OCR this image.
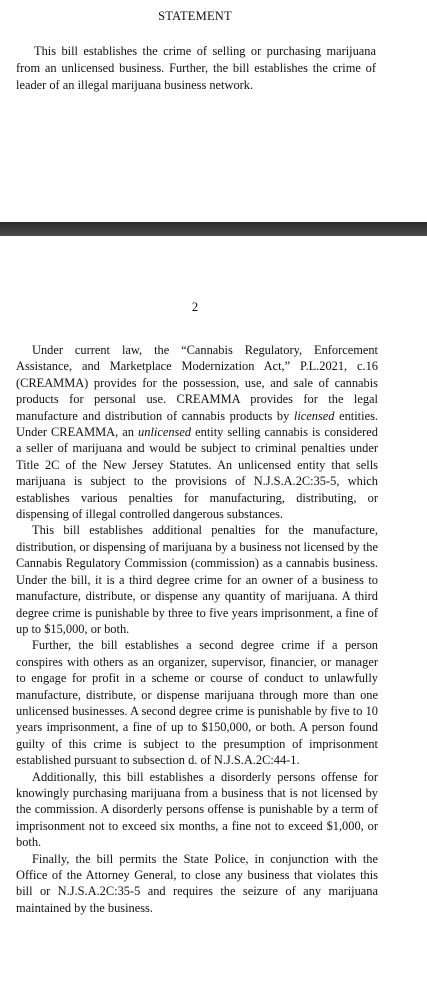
STATEMENT

This bill establishes the crime of selling or purchasing marijuana from an unlicensed business. Further, the bill establishes the crime of leader of an illegal marijuana business network.

2

Under current law, the “Cannabis Regulatory, Enforcement Assistance, and Marketplace Modernization Act,” P.L.2021, c.16 (CREAMMA) provides for the possession, use, and sale of cannabis products for personal use. CREAMMA provides for the legal manufacture and distribution of cannabis products by licensed entities. Under CREAMMA, an unlicensed entity selling cannabis is considered a seller of marijuana and would be subject to criminal penalties under Title 2C of the New Jersey Statutes. An unlicensed entity that sells marijuana is subject to the provisions of N.J.S.A.2C:35-5, which establishes various penalties for manufacturing, distributing, or dispensing of illegal controlled dangerous substances.

This bill establishes additional penalties for the manufacture, distribution, or dispensing of marijuana by a business not licensed by the Cannabis Regulatory Commission (commission) as a cannabis business. Under the bill, it is a third degree crime for an owner of a business to manufacture, distribute, or dispense any quantity of marijuana. A third degree crime is punishable by three to five years imprisonment, a fine of up to $15,000, or both.

Further, the bill establishes a second degree crime if a person conspires with others as an organizer, supervisor, financier, or manager to engage for profit in a scheme or course of conduct to unlawfully manufacture, distribute, or dispense marijuana through more than one unlicensed businesses. A second degree crime is punishable by five to 10 years imprisonment, a fine of up to $150,000, or both. A person found guilty of this crime is subject to the presumption of imprisonment established pursuant to subsection d. of N.J.S.A.2C:44-1.

Additionally, this bill establishes a disorderly persons offense for knowingly purchasing marijuana from a business that is not licensed by the commission. A disorderly persons offense is punishable by a term of imprisonment not to exceed six months, a fine not to exceed $1,000, or both.

Finally, the bill permits the State Police, in conjunction with the Office of the Attorney General, to close any business that violates this bill or N.J.S.A.2C:35-5 and requires the seizure of any marijuana maintained by the business.
